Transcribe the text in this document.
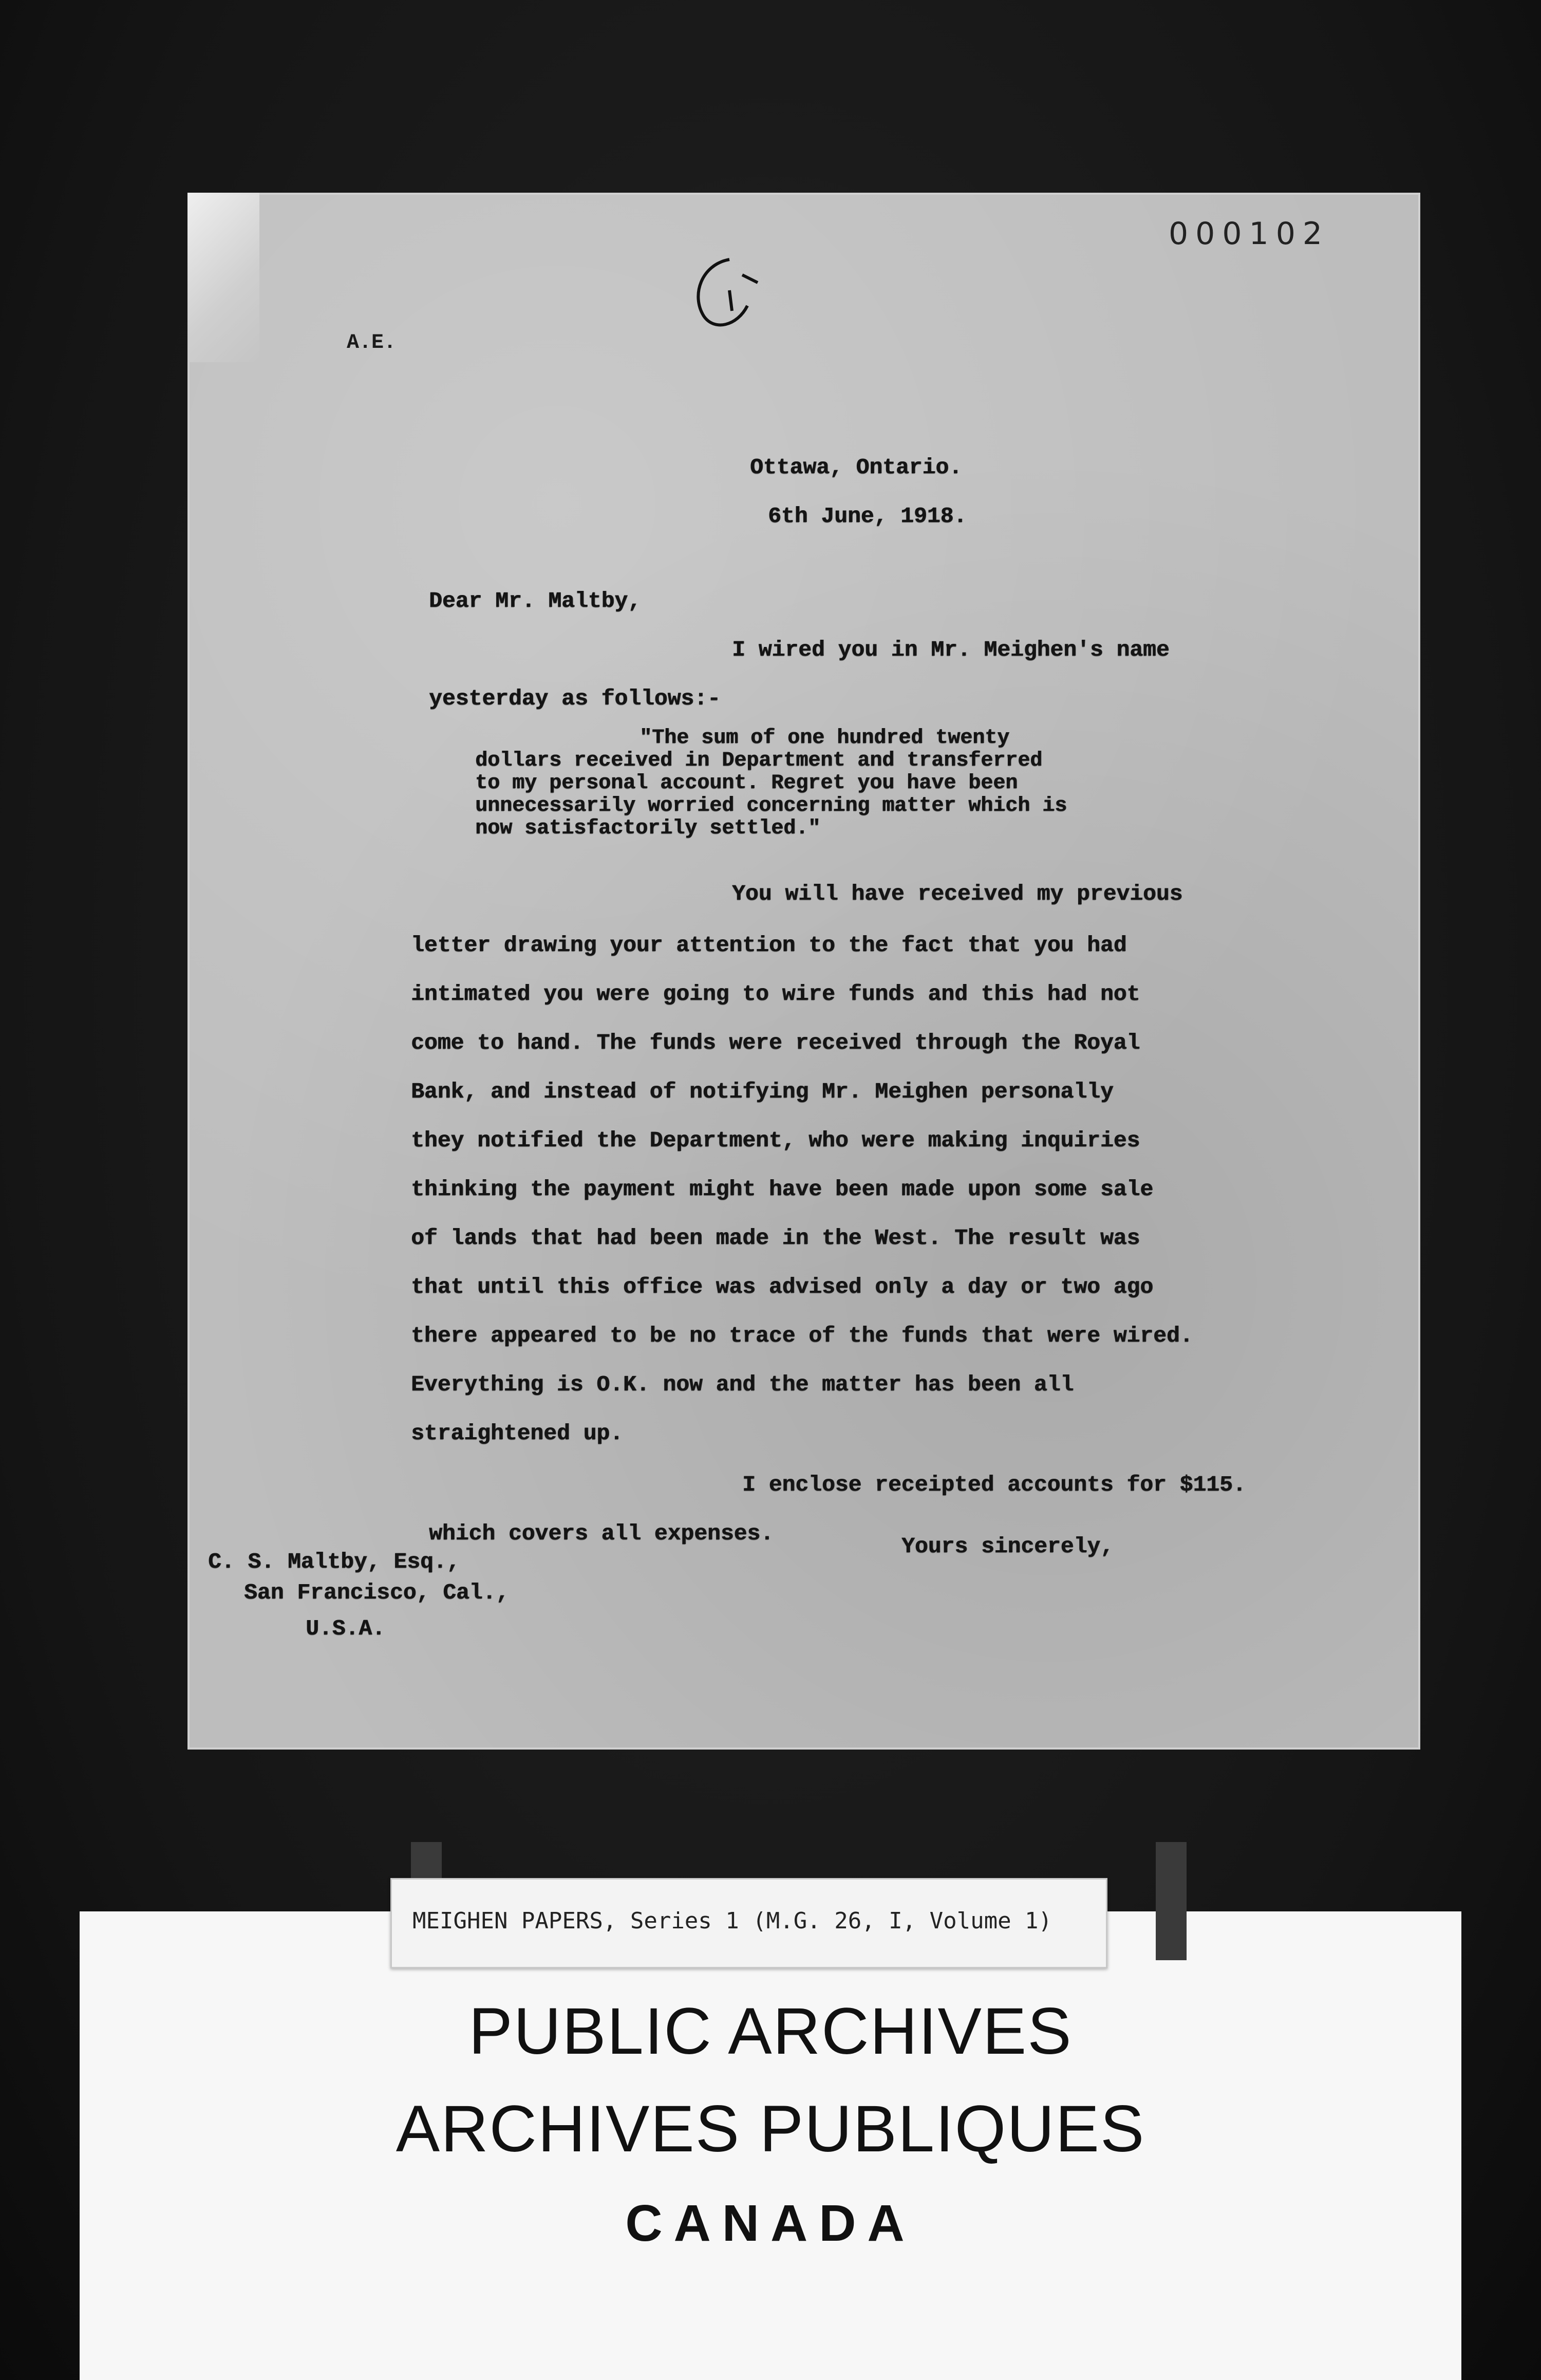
000102
A.E.
Ottawa, Ontario.
6th June, 1918.
Dear Mr. Maltby,
I wired you in Mr. Meighen's name
yesterday as follows:-
"The sum of one hundred twenty
dollars received in Department and transferred
to my personal account. Regret you have been
unnecessarily worried concerning matter which is
now satisfactorily settled."
You will have received my previous
letter drawing your attention to the fact that you had
intimated you were going to wire funds and this had not
come to hand. The funds were received through the Royal
Bank, and instead of notifying Mr. Meighen personally
they notified the Department, who were making inquiries
thinking the payment might have been made upon some sale
of lands that had been made in the West. The result was
that until this office was advised only a day or two ago
there appeared to be no trace of the funds that were wired.
Everything is O.K. now and the matter has been all
straightened up.
I enclose receipted accounts for $115.
which covers all expenses.
Yours sincerely,
C. S. Maltby, Esq.,
San Francisco, Cal.,
U.S.A.
MEIGHEN PAPERS, Series 1 (M.G. 26, I, Volume 1)
PUBLIC ARCHIVES
ARCHIVES PUBLIQUES
CANADA
